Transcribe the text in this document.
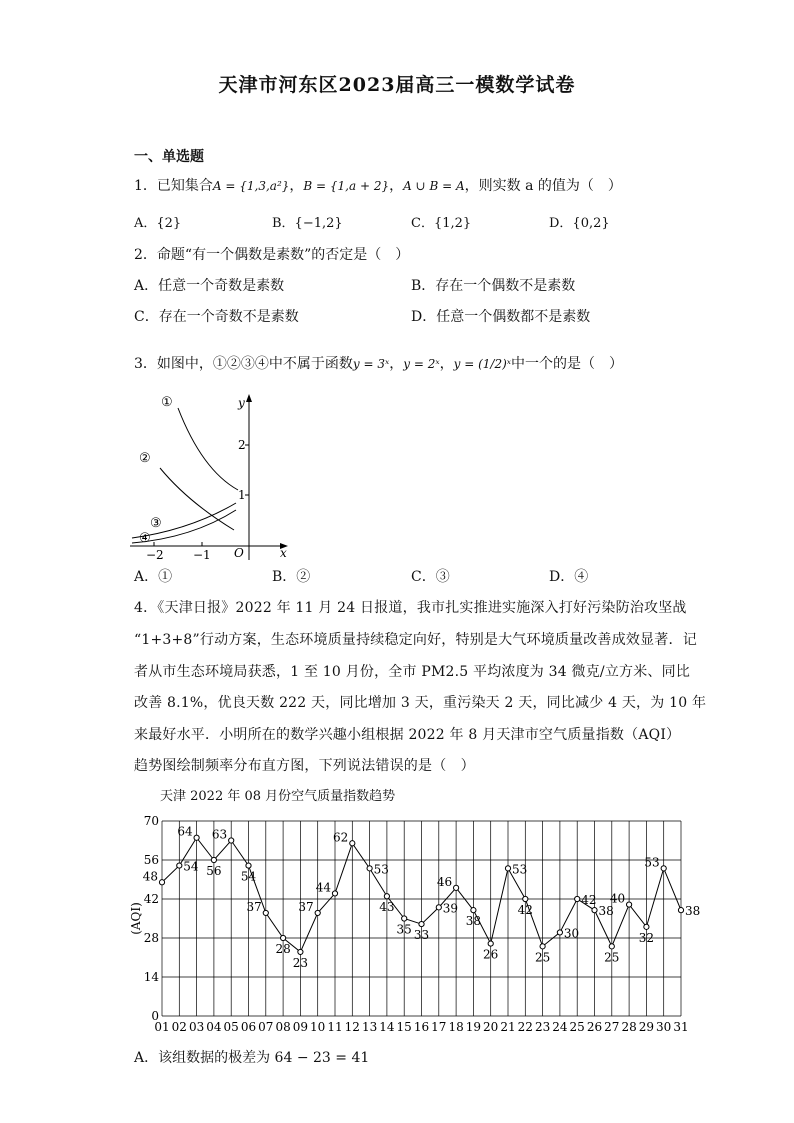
天津市河东区2023届高三一模数学试卷
一、单选题
1．已知集合A = {1,3,a²}，B = {1,a + 2}，A ∪ B = A，则实数 a 的值为（　）
A．{2}	B．{−1,2}	C．{1,2}	D．{0,2}
2．命题“有一个偶数是素数”的否定是（　）
A．任意一个奇数是素数	B．存在一个偶数不是素数
C．存在一个奇数不是素数	D．任意一个偶数都不是素数
3．如图中，①②③④中不属于函数y = 3ˣ，y = 2ˣ，y = (1/2)ˣ中一个的是（　）
①
②
③
④
y
x
O
2
1
−2 −1
A．①	B．②	C．③	D．④
4．《天津日报》2022 年 11 月 24 日报道，我市扎实推进实施深入打好污染防治攻坚战
“1+3+8”行动方案，生态环境质量持续稳定向好，特别是大气环境质量改善成效显著．记
者从市生态环境局获悉，1 至 10 月份，全市 PM2.5 平均浓度为 34 微克/立方米、同比
改善 8.1%，优良天数 222 天，同比增加 3 天，重污染天 2 天，同比减少 4 天，为 10 年
来最好水平．小明所在的数学兴趣小组根据 2022 年 8 月天津市空气质量指数（AQI）
趋势图绘制频率分布直方图，下列说法错误的是（　）
天津 2022 年 08 月份空气质量指数趋势
0
14
28
42
56
70
(AQI)
01 02 03 04 05 06 07 08 09 10 11 12 13 14 15 16 17 18 19 20 21 22 23 24 25 26 27 28 29 30 31
48
54
64
56
63
54
37
28
23
37
44
62
53
43
35 33
39
46
38
26
53
42
25
30
42
38
25
40
32
53
38
A．该组数据的极差为 64 − 23 = 41
